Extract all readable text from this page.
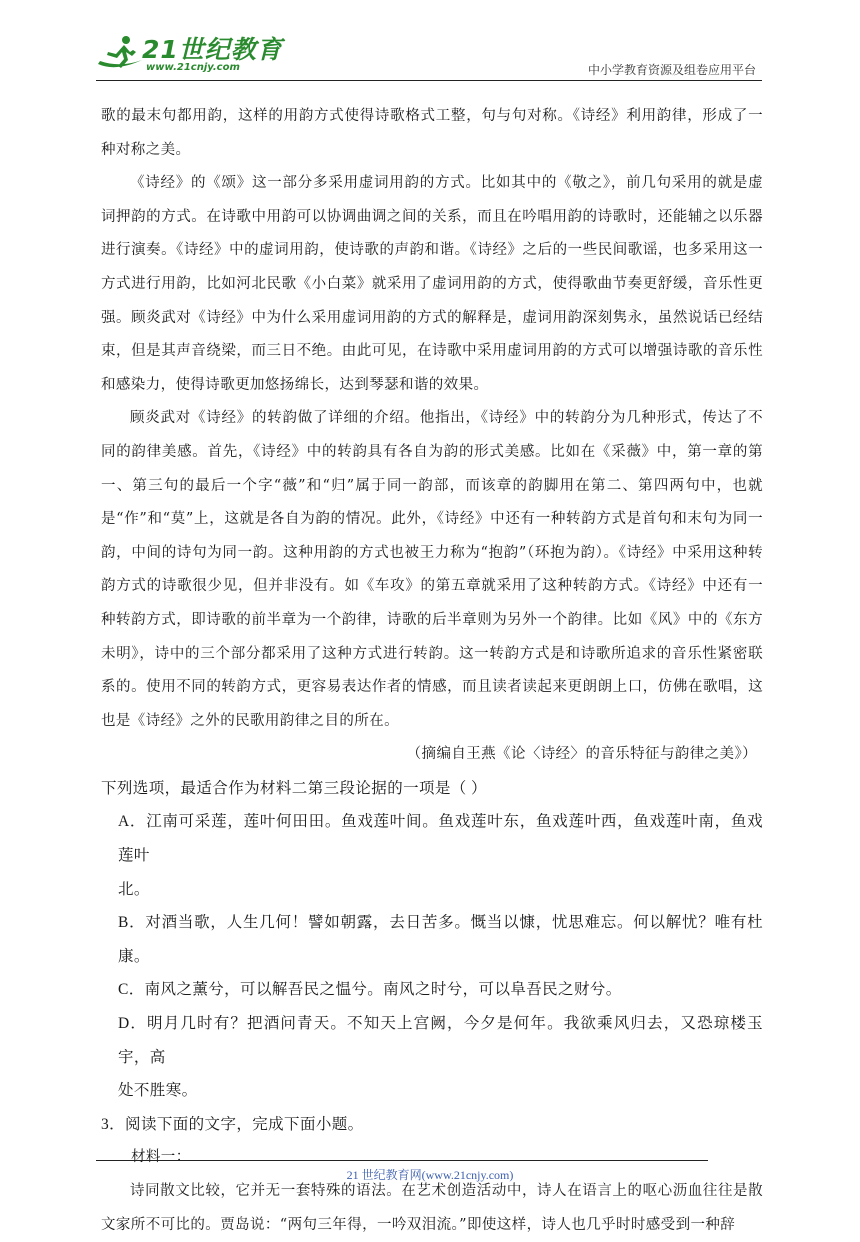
21世纪教育
www.21cnjy.com	中小学教育资源及组卷应用平台

歌的最末句都用韵，这样的用韵方式使得诗歌格式工整，句与句对称。《诗经》利用韵律，形成了一种对称之美。

《诗经》的《颂》这一部分多采用虚词用韵的方式。比如其中的《敬之》，前几句采用的就是虚词押韵的方式。在诗歌中用韵可以协调曲调之间的关系，而且在吟唱用韵的诗歌时，还能辅之以乐器进行演奏。《诗经》中的虚词用韵，使诗歌的声韵和谐。《诗经》之后的一些民间歌谣，也多采用这一方式进行用韵，比如河北民歌《小白菜》就采用了虚词用韵的方式，使得歌曲节奏更舒缓，音乐性更强。顾炎武对《诗经》中为什么采用虚词用韵的方式的解释是，虚词用韵深刻隽永，虽然说话已经结束，但是其声音绕梁，而三日不绝。由此可见，在诗歌中采用虚词用韵的方式可以增强诗歌的音乐性和感染力，使得诗歌更加悠扬绵长，达到琴瑟和谐的效果。

顾炎武对《诗经》的转韵做了详细的介绍。他指出，《诗经》中的转韵分为几种形式，传达了不同的韵律美感。首先，《诗经》中的转韵具有各自为韵的形式美感。比如在《采薇》中，第一章的第一、第三句的最后一个字“薇”和“归”属于同一韵部，而该章的韵脚用在第二、第四两句中，也就是“作”和“莫”上，这就是各自为韵的情况。此外，《诗经》中还有一种转韵方式是首句和末句为同一韵，中间的诗句为同一韵。这种用韵的方式也被王力称为“抱韵”（环抱为韵）。《诗经》中采用这种转韵方式的诗歌很少见，但并非没有。如《车攻》的第五章就采用了这种转韵方式。《诗经》中还有一种转韵方式，即诗歌的前半章为一个韵律，诗歌的后半章则为另外一个韵律。比如《风》中的《东方未明》，诗中的三个部分都采用了这种方式进行转韵。这一转韵方式是和诗歌所追求的音乐性紧密联系的。使用不同的转韵方式，更容易表达作者的情感，而且读者读起来更朗朗上口，仿佛在歌唱，这也是《诗经》之外的民歌用韵律之目的所在。

（摘编自王燕《论〈诗经〉的音乐特征与韵律之美》）

下列选项，最适合作为材料二第三段论据的一项是（ ）

A．江南可采莲，莲叶何田田。鱼戏莲叶间。鱼戏莲叶东，鱼戏莲叶西，鱼戏莲叶南，鱼戏莲叶
北。
B．对酒当歌，人生几何！譬如朝露，去日苦多。慨当以慷，忧思难忘。何以解忧？唯有杜康。
C．南风之薰兮，可以解吾民之愠兮。南风之时兮，可以阜吾民之财兮。
D．明月几时有？把酒问青天。不知天上宫阙，今夕是何年。我欲乘风归去，又恐琼楼玉宇，高
处不胜寒。

3．阅读下面的文字，完成下面小题。

材料一：

诗同散文比较，它并无一套特殊的语法。在艺术创造活动中，诗人在语言上的呕心沥血往往是散文家所不可比的。贾岛说：“两句三年得，一吟双泪流。”即使这样，诗人也几乎时时感受到一种辞

21 世纪教育网(www.21cnjy.com)
